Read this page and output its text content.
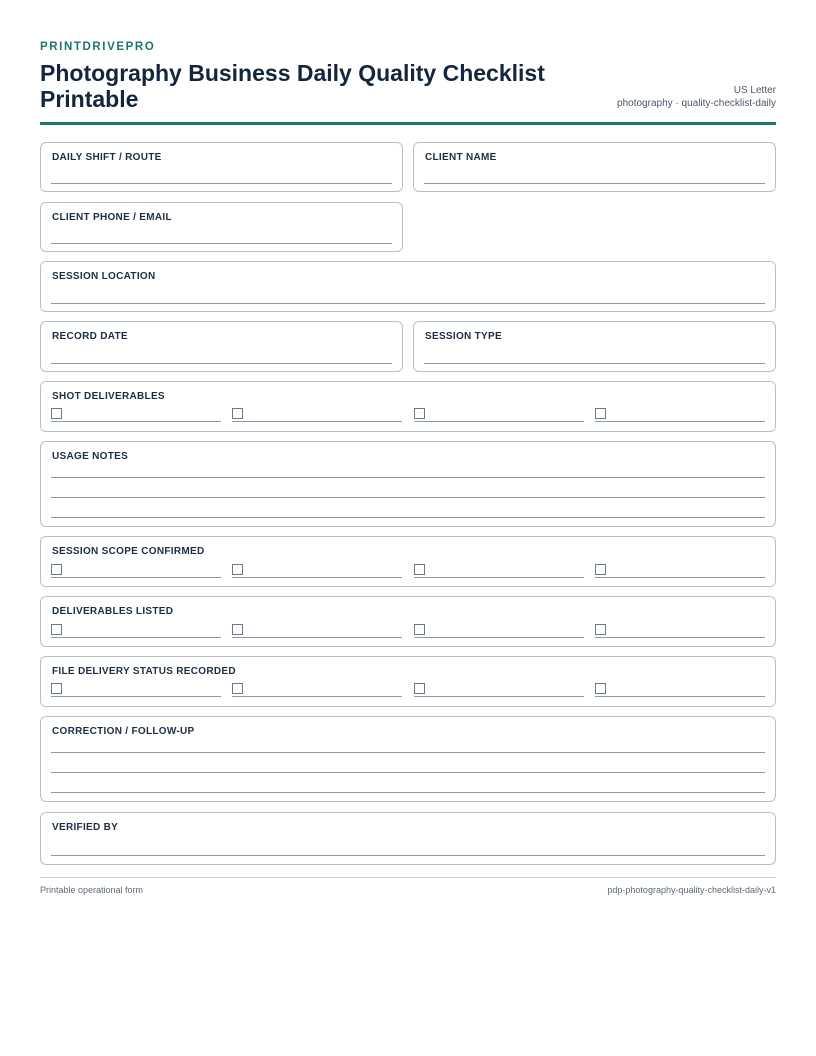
PRINTDRIVEPRO
Photography Business Daily Quality Checklist Printable	US Letter
photography · quality-checklist-daily
DAILY SHIFT / ROUTE	CLIENT NAME
CLIENT PHONE / EMAIL
SESSION LOCATION
RECORD DATE	SESSION TYPE
SHOT DELIVERABLES
USAGE NOTES
SESSION SCOPE CONFIRMED
DELIVERABLES LISTED
FILE DELIVERY STATUS RECORDED
CORRECTION / FOLLOW-UP
VERIFIED BY
Printable operational form	pdp-photography-quality-checklist-daily-v1
